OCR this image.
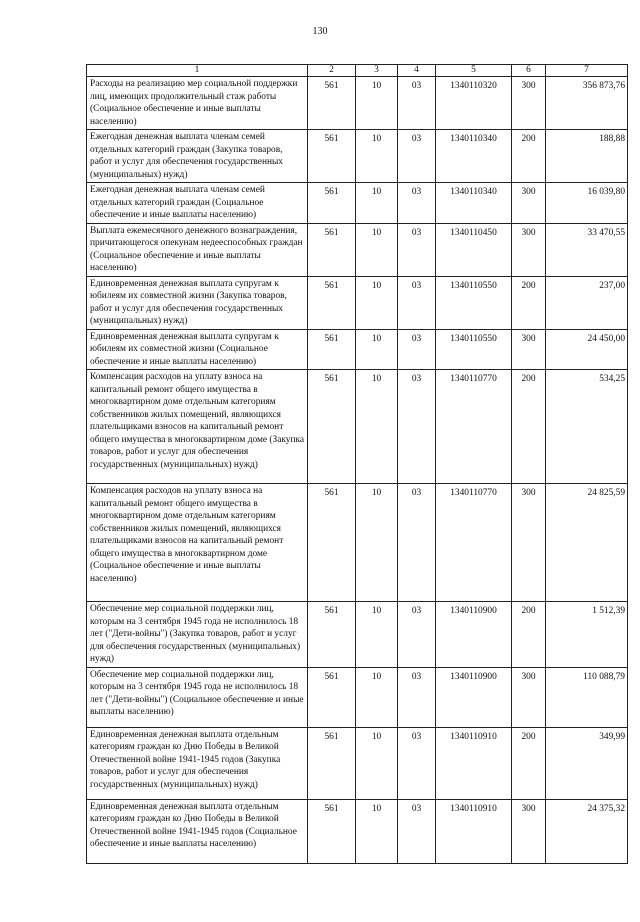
130
1	2	3	4	5	6	7
Расходы на реализацию мер социальной поддержки лиц, имеющих продолжительный стаж работы (Социальное обеспечение и иные выплаты населению)	561	10	03	1340110320	300	356 873,76
Ежегодная денежная выплата членам семей отдельных категорий граждан (Закупка товаров, работ и услуг для обеспечения государственных (муниципальных) нужд)	561	10	03	1340110340	200	188,88
Ежегодная денежная выплата членам семей отдельных категорий граждан (Социальное обеспечение и иные выплаты населению)	561	10	03	1340110340	300	16 039,80
Выплата ежемесячного денежного вознаграждения, причитающегося опекунам недееспособных граждан (Социальное обеспечение и иные выплаты населению)	561	10	03	1340110450	300	33 470,55
Единовременная денежная выплата супругам к юбилеям их совместной жизни (Закупка товаров, работ и услуг для обеспечения государственных (муниципальных) нужд)	561	10	03	1340110550	200	237,00
Единовременная денежная выплата супругам к юбилеям их совместной жизни (Социальное обеспечение и иные выплаты населению)	561	10	03	1340110550	300	24 450,00
Компенсация расходов на уплату взноса на капитальный ремонт общего имущества в многоквартирном доме отдельным категориям собственников жилых помещений, являющихся плательщиками взносов на капитальный ремонт общего имущества в многоквартирном доме (Закупка товаров, работ и услуг для обеспечения государственных (муниципальных) нужд)	561	10	03	1340110770	200	534,25
Компенсация расходов на уплату взноса на капитальный ремонт общего имущества в многоквартирном доме отдельным категориям собственников жилых помещений, являющихся плательщиками взносов на капитальный ремонт общего имущества в многоквартирном доме (Социальное обеспечение и иные выплаты населению)	561	10	03	1340110770	300	24 825,59
Обеспечение мер социальной поддержки лиц, которым на 3 сентября 1945 года не исполнилось 18 лет ("Дети-войны") (Закупка товаров, работ и услуг для обеспечения государственных (муниципальных) нужд)	561	10	03	1340110900	200	1 512,39
Обеспечение мер социальной поддержки лиц, которым на 3 сентября 1945 года не исполнилось 18 лет ("Дети-войны") (Социальное обеспечение и иные выплаты населению)	561	10	03	1340110900	300	110 088,79
Единовременная денежная выплата отдельным категориям граждан ко Дню Победы в Великой Отечественной войне 1941-1945 годов (Закупка товаров, работ и услуг для обеспечения государственных (муниципальных) нужд)	561	10	03	1340110910	200	349,99
Единовременная денежная выплата отдельным категориям граждан ко Дню Победы в Великой Отечественной войне 1941-1945 годов (Социальное обеспечение и иные выплаты населению)	561	10	03	1340110910	300	24 375,32
